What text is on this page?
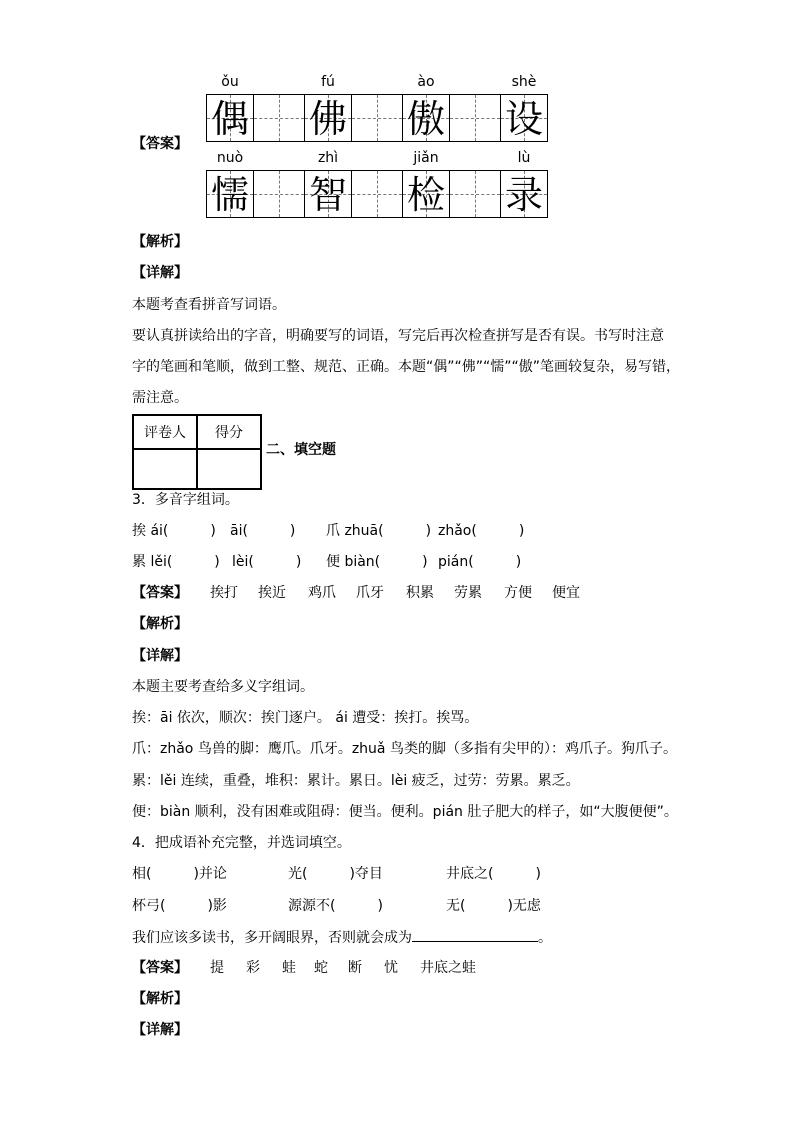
【答案】
ǒu	fú	ào	shè
偶 佛 傲 设
nuò	zhì	jiǎn	lù
懦 智 检 录
【解析】
【详解】
本题考查看拼音写词语。
要认真拼读给出的字音，明确要写的词语，写完后再次检查拼写是否有误。书写时注意
字的笔画和笔顺，做到工整、规范、正确。本题“偶”“佛”“懦”“傲”笔画较复杂，易写错，
需注意。
评卷人	得分

二、填空题
3．多音字组词。
挨 ái(　　　) āi(　　　) 爪 zhuā(　　　) zhǎo(　　　)
累 lěi(　　　) lèi(　　　) 便 biàn(　　　) pián(　　　)
【答案】 挨打 挨近 鸡爪 爪牙 积累 劳累 方便 便宜
【解析】
【详解】
本题主要考查给多义字组词。
挨：āi 依次，顺次：挨门逐户。 ái 遭受：挨打。挨骂。
爪：zhǎo 鸟兽的脚：鹰爪。爪牙。zhuǎ 鸟类的脚（多指有尖甲的）：鸡爪子。狗爪子。
累：lěi 连续，重叠，堆积：累计。累日。lèi 疲乏，过劳：劳累。累乏。
便：biàn 顺利，没有困难或阻碍：便当。便利。pián 肚子肥大的样子，如“大腹便便”。
4．把成语补充完整，并选词填空。
相(　　　)并论	光(　　　)夺目	井底之(　　　)
杯弓(　　　)影	源源不(　　　)	无(　　　)无虑
我们应该多读书，多开阔眼界，否则就会成为	。
【答案】 提 彩 蛙 蛇 断 忧 井底之蛙
【解析】
【详解】
